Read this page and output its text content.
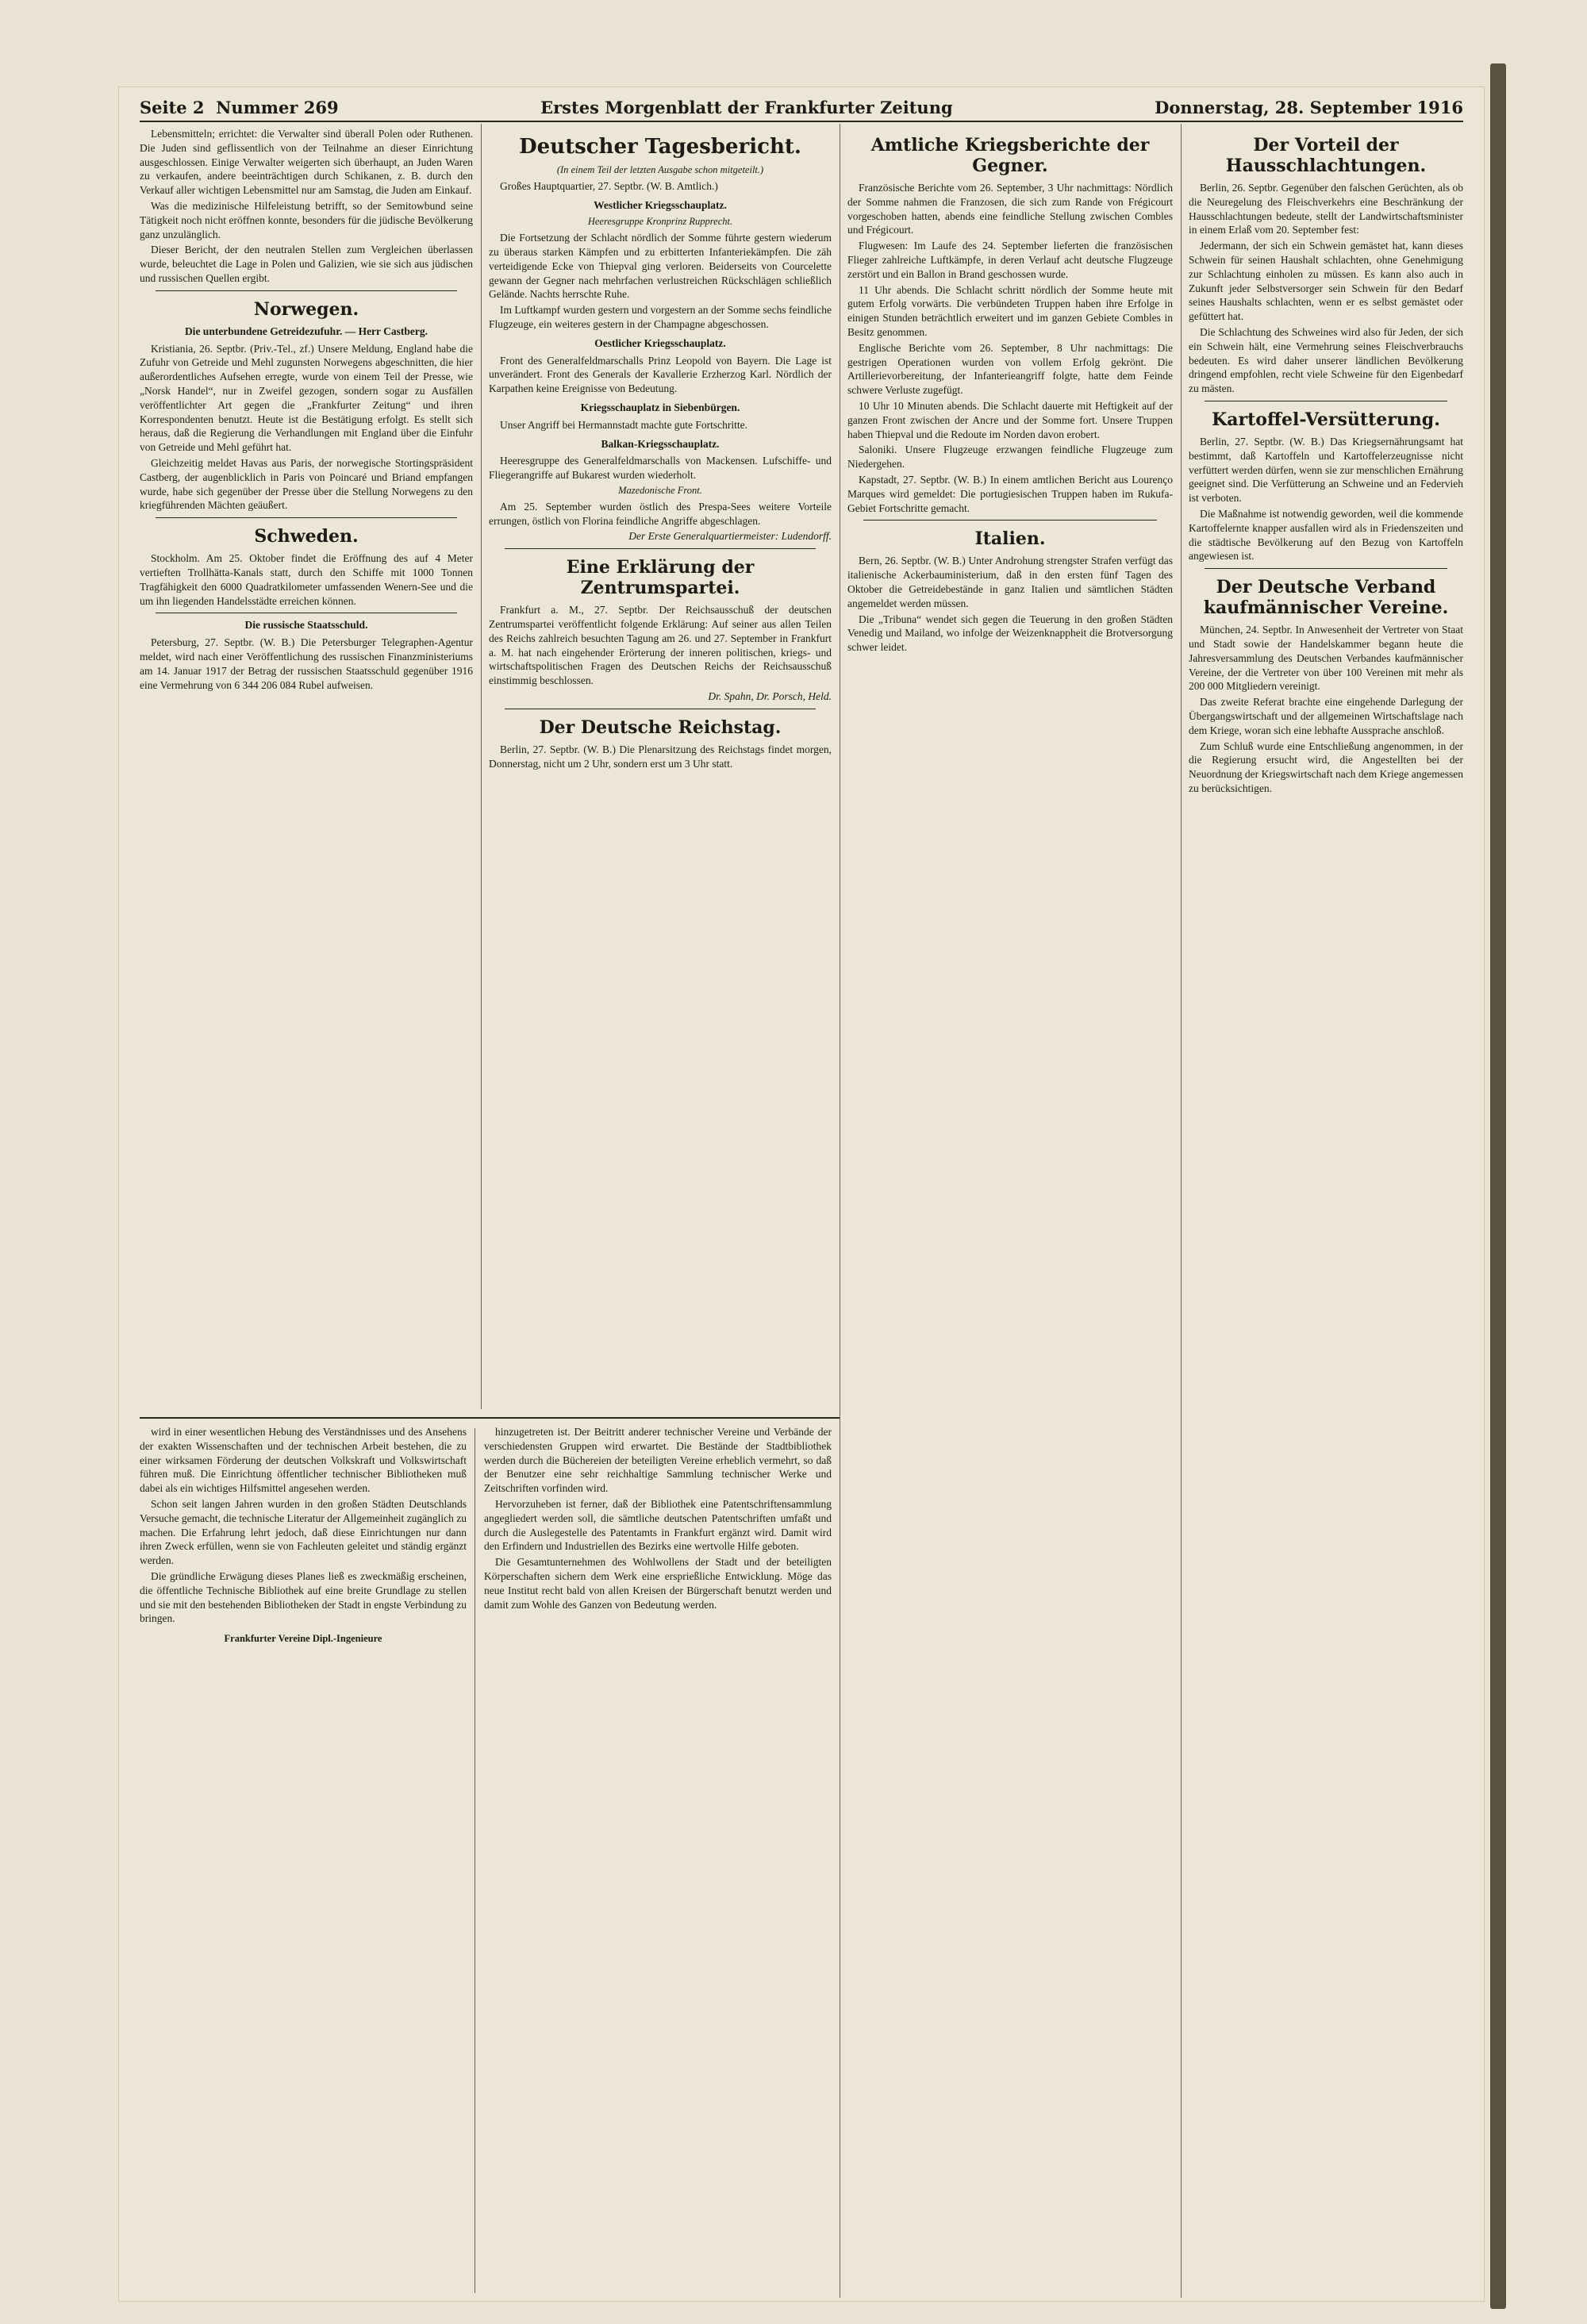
Seite 2 Nummer 269	Erstes Morgenblatt der Frankfurter Zeitung	Donnerstag, 28. September 1916

Lebensmitteln; errichtet: die Verwalter sind überall Polen oder Ruthenen. Die Juden sind geflissentlich von der Teilnahme an dieser Einrichtung ausgeschlossen. Einige Verwalter weigerten sich überhaupt, an Juden Waren zu verkaufen, andere beeinträchtigen durch Schikanen, z. B. durch den Verkauf aller wichtigen Lebensmittel nur am Samstag, die Juden am Einkauf.

Was die medizinische Hilfeleistung betrifft, so der Semitowbund seine Tätigkeit noch nicht eröffnen konnte, besonders für die jüdische Bevölkerung ganz unzulänglich.

Dieser Bericht, der den neutralen Stellen zum Vergleichen überlassen wurde, beleuchtet die Lage in Polen und Galizien, wie sie sich aus jüdischen und russischen Quellen ergibt.

Norwegen.

Die unterbundene Getreidezufuhr. — Herr Castberg.

Kristiania, 26. Septbr. (Priv.-Tel., zf.) Unsere Meldung, England habe die Zufuhr von Getreide und Mehl zugunsten Norwegens abgeschnitten, die hier außerordentliches Aufsehen erregte, wurde von einem Teil der Presse, wie „Norsk Handel“, nur in Zweifel gezogen, sondern sogar zu Ausfällen veröffentlichter Art gegen die „Frankfurter Zeitung“ und ihren Korrespondenten benutzt. Heute ist die Bestätigung erfolgt. Es stellt sich heraus, daß die Regierung die Verhandlungen mit England über die Einfuhr von Getreide und Mehl geführt hat.

Gleichzeitig meldet Havas aus Paris, der norwegische Stortingspräsident Castberg, der augenblicklich in Paris von Poincaré und Briand empfangen wurde, habe sich gegenüber der Presse über die Stellung Norwegens zu den kriegführenden Mächten geäußert.

Schweden.

Stockholm. Am 25. Oktober findet die Eröffnung des auf 4 Meter vertieften Trollhätta-Kanals statt, durch den Schiffe mit 1000 Tonnen Tragfähigkeit den 6000 Quadratkilometer umfassenden Wenern-See und die um ihn liegenden Handelsstädte erreichen können.

Die russische Staatsschuld.

Petersburg, 27. Septbr. (W. B.) Die Petersburger Telegraphen-Agentur meldet, wird nach einer Veröffentlichung des russischen Finanzministeriums am 14. Januar 1917 der Betrag der russischen Staatsschuld gegenüber 1916 eine Vermehrung von 6 344 206 084 Rubel aufweisen.

Deutscher Tagesbericht.

(In einem Teil der letzten Ausgabe schon mitgeteilt.)

Großes Hauptquartier, 27. Septbr. (W. B. Amtlich.)

Westlicher Kriegsschauplatz.

Heeresgruppe Kronprinz Rupprecht.

Die Fortsetzung der Schlacht nördlich der Somme führte gestern wiederum zu überaus starken Kämpfen und zu erbitterten Infanteriekämpfen. Die zäh verteidigende Ecke von Thiepval ging verloren. Beiderseits von Courcelette gewann der Gegner nach mehrfachen verlustreichen Rückschlägen schließlich Gelände. Nachts herrschte Ruhe.

Im Luftkampf wurden gestern und vorgestern an der Somme sechs feindliche Flugzeuge, ein weiteres gestern in der Champagne abgeschossen.

Oestlicher Kriegsschauplatz.

Front des Generalfeldmarschalls Prinz Leopold von Bayern. Die Lage ist unverändert. Front des Generals der Kavallerie Erzherzog Karl. Nördlich der Karpathen keine Ereignisse von Bedeutung.

Kriegsschauplatz in Siebenbürgen.

Unser Angriff bei Hermannstadt machte gute Fortschritte.

Balkan-Kriegsschauplatz.

Heeresgruppe des Generalfeldmarschalls von Mackensen. Lufschiffe- und Fliegerangriffe auf Bukarest wurden wiederholt.

Mazedonische Front.

Am 25. September wurden östlich des Prespa-Sees weitere Vorteile errungen, östlich von Florina feindliche Angriffe abgeschlagen.

Der Erste Generalquartiermeister: Ludendorff.

Eine Erklärung der Zentrumspartei.

Frankfurt a. M., 27. Septbr. Der Reichsausschuß der deutschen Zentrumspartei veröffentlicht folgende Erklärung: Auf seiner aus allen Teilen des Reichs zahlreich besuchten Tagung am 26. und 27. September in Frankfurt a. M. hat nach eingehender Erörterung der inneren politischen, kriegs- und wirtschaftspolitischen Fragen des Deutschen Reichs der Reichsausschuß einstimmig beschlossen.

Dr. Spahn, Dr. Porsch, Held.

Der Deutsche Reichstag.

Berlin, 27. Septbr. (W. B.) Die Plenarsitzung des Reichstags findet morgen, Donnerstag, nicht um 2 Uhr, sondern erst um 3 Uhr statt.

Amtliche Kriegsberichte der Gegner.

Französische Berichte vom 26. September, 3 Uhr nachmittags: Nördlich der Somme nahmen die Franzosen, die sich zum Rande von Frégicourt vorgeschoben hatten, abends eine feindliche Stellung zwischen Combles und Frégicourt.

Flugwesen: Im Laufe des 24. September lieferten die französischen Flieger zahlreiche Luftkämpfe, in deren Verlauf acht deutsche Flugzeuge zerstört und ein Ballon in Brand geschossen wurde.

11 Uhr abends. Die Schlacht schritt nördlich der Somme heute mit gutem Erfolg vorwärts. Die verbündeten Truppen haben ihre Erfolge in einigen Stunden beträchtlich erweitert und im ganzen Gebiete Combles in Besitz genommen.

Englische Berichte vom 26. September, 8 Uhr nachmittags: Die gestrigen Operationen wurden von vollem Erfolg gekrönt. Die Artillerievorbereitung, der Infanterieangriff folgte, hatte dem Feinde schwere Verluste zugefügt.

10 Uhr 10 Minuten abends. Die Schlacht dauerte mit Heftigkeit auf der ganzen Front zwischen der Ancre und der Somme fort. Unsere Truppen haben Thiepval und die Redoute im Norden davon erobert.

Saloniki. Unsere Flugzeuge erzwangen feindliche Flugzeuge zum Niedergehen.

Kapstadt, 27. Septbr. (W. B.) In einem amtlichen Bericht aus Lourenço Marques wird gemeldet: Die portugiesischen Truppen haben im Rukufa-Gebiet Fortschritte gemacht.

Italien.

Bern, 26. Septbr. (W. B.) Unter Androhung strengster Strafen verfügt das italienische Ackerbauministerium, daß in den ersten fünf Tagen des Oktober die Getreidebestände in ganz Italien und sämtlichen Städten angemeldet werden müssen.

Die „Tribuna“ wendet sich gegen die Teuerung in den großen Städten Venedig und Mailand, wo infolge der Weizenknappheit die Brotversorgung schwer leidet.

Der Vorteil der Hausschlachtungen.

Berlin, 26. Septbr. Gegenüber den falschen Gerüchten, als ob die Neuregelung des Fleischverkehrs eine Beschränkung der Hausschlachtungen bedeute, stellt der Landwirtschaftsminister in einem Erlaß vom 20. September fest:

Jedermann, der sich ein Schwein gemästet hat, kann dieses Schwein für seinen Haushalt schlachten, ohne Genehmigung zur Schlachtung einholen zu müssen. Es kann also auch in Zukunft jeder Selbstversorger sein Schwein für den Bedarf seines Haushalts schlachten, wenn er es selbst gemästet oder gefüttert hat.

Die Schlachtung des Schweines wird also für Jeden, der sich ein Schwein hält, eine Vermehrung seines Fleischverbrauchs bedeuten. Es wird daher unserer ländlichen Bevölkerung dringend empfohlen, recht viele Schweine für den Eigenbedarf zu mästen.

Kartoffel-Versütterung.

Berlin, 27. Septbr. (W. B.) Das Kriegsernährungsamt hat bestimmt, daß Kartoffeln und Kartoffelerzeugnisse nicht verfüttert werden dürfen, wenn sie zur menschlichen Ernährung geeignet sind. Die Verfütterung an Schweine und an Federvieh ist verboten.

Die Maßnahme ist notwendig geworden, weil die kommende Kartoffelernte knapper ausfallen wird als in Friedenszeiten und die städtische Bevölkerung auf den Bezug von Kartoffeln angewiesen ist.

Der Deutsche Verband kaufmännischer Vereine.

München, 24. Septbr. In Anwesenheit der Vertreter von Staat und Stadt sowie der Handelskammer begann heute die Jahresversammlung des Deutschen Verbandes kaufmännischer Vereine, der die Vertreter von über 100 Vereinen mit mehr als 200 000 Mitgliedern vereinigt.

Das zweite Referat brachte eine eingehende Darlegung der Übergangswirtschaft und der allgemeinen Wirtschaftslage nach dem Kriege, woran sich eine lebhafte Aussprache anschloß.

Zum Schluß wurde eine Entschließung angenommen, in der die Regierung ersucht wird, die Angestellten bei der Neuordnung der Kriegswirtschaft nach dem Kriege angemessen zu berücksichtigen.

wird in einer wesentlichen Hebung des Verständnisses und des Ansehens der exakten Wissenschaften und der technischen Arbeit bestehen, die zu einer wirksamen Förderung der deutschen Volkskraft und Volkswirtschaft führen muß. Die Einrichtung öffentlicher technischer Bibliotheken muß dabei als ein wichtiges Hilfsmittel angesehen werden.

Schon seit langen Jahren wurden in den großen Städten Deutschlands Versuche gemacht, die technische Literatur der Allgemeinheit zugänglich zu machen. Die Erfahrung lehrt jedoch, daß diese Einrichtungen nur dann ihren Zweck erfüllen, wenn sie von Fachleuten geleitet und ständig ergänzt werden.

Die gründliche Erwägung dieses Planes ließ es zweckmäßig erscheinen, die öffentliche Technische Bibliothek auf eine breite Grundlage zu stellen und sie mit den bestehenden Bibliotheken der Stadt in engste Verbindung zu bringen.

Frankfurter Vereine Dipl.-Ingenieure

hinzugetreten ist. Der Beitritt anderer technischer Vereine und Verbände der verschiedensten Gruppen wird erwartet. Die Bestände der Stadtbibliothek werden durch die Büchereien der beteiligten Vereine erheblich vermehrt, so daß der Benutzer eine sehr reichhaltige Sammlung technischer Werke und Zeitschriften vorfinden wird.

Hervorzuheben ist ferner, daß der Bibliothek eine Patentschriftensammlung angegliedert werden soll, die sämtliche deutschen Patentschriften umfaßt und durch die Auslegestelle des Patentamts in Frankfurt ergänzt wird. Damit wird den Erfindern und Industriellen des Bezirks eine wertvolle Hilfe geboten.

Die Gesamtunternehmen des Wohlwollens der Stadt und der beteiligten Körperschaften sichern dem Werk eine ersprießliche Entwicklung. Möge das neue Institut recht bald von allen Kreisen der Bürgerschaft benutzt werden und damit zum Wohle des Ganzen von Bedeutung werden.
